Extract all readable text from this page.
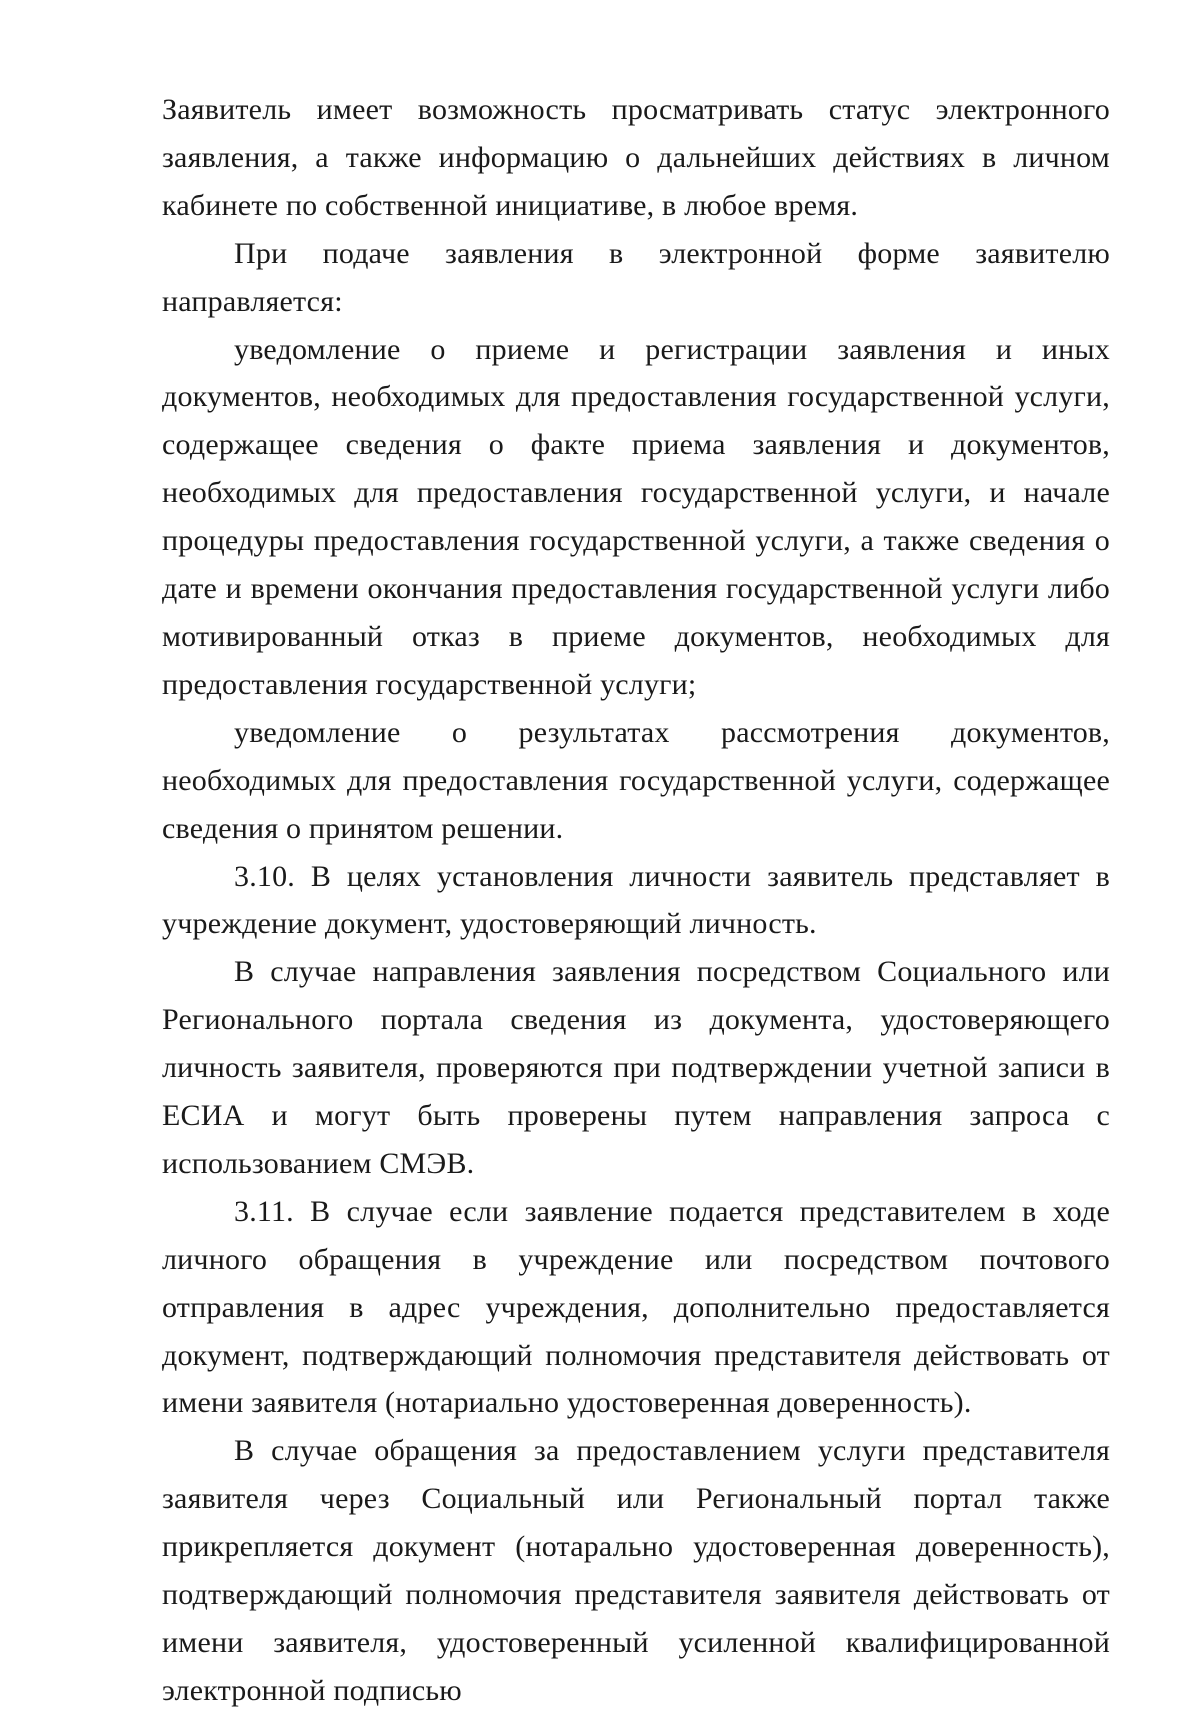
Заявитель имеет возможность просматривать статус электронного заявления, а также информацию о дальнейших действиях в личном кабинете по собственной инициативе, в любое время.

При подаче заявления в электронной форме заявителю направляется:

уведомление о приеме и регистрации заявления и иных документов, необходимых для предоставления государственной услуги, содержащее сведения о факте приема заявления и документов, необходимых для предоставления государственной услуги, и начале процедуры предоставления государственной услуги, а также сведения о дате и времени окончания предоставления государственной услуги либо мотивированный отказ в приеме документов, необходимых для предоставления государственной услуги;

уведомление о результатах рассмотрения документов, необходимых для предоставления государственной услуги, содержащее сведения о принятом решении.

3.10. В целях установления личности заявитель представляет в учреждение документ, удостоверяющий личность.

В случае направления заявления посредством Социального или Регионального портала сведения из документа, удостоверяющего личность заявителя, проверяются при подтверждении учетной записи в ЕСИА и могут быть проверены путем направления запроса с использованием СМЭВ.

3.11. В случае если заявление подается представителем в ходе личного обращения в учреждение или посредством почтового отправления в адрес учреждения, дополнительно предоставляется документ, подтверждающий полномочия представителя действовать от имени заявителя (нотариально удостоверенная доверенность).

В случае обращения за предоставлением услуги представителя заявителя через Социальный или Региональный портал также прикрепляется документ (нотарально удостоверенная доверенность), подтверждающий полномочия представителя заявителя действовать от имени заявителя, удостоверенный усиленной квалифицированной электронной подписью
